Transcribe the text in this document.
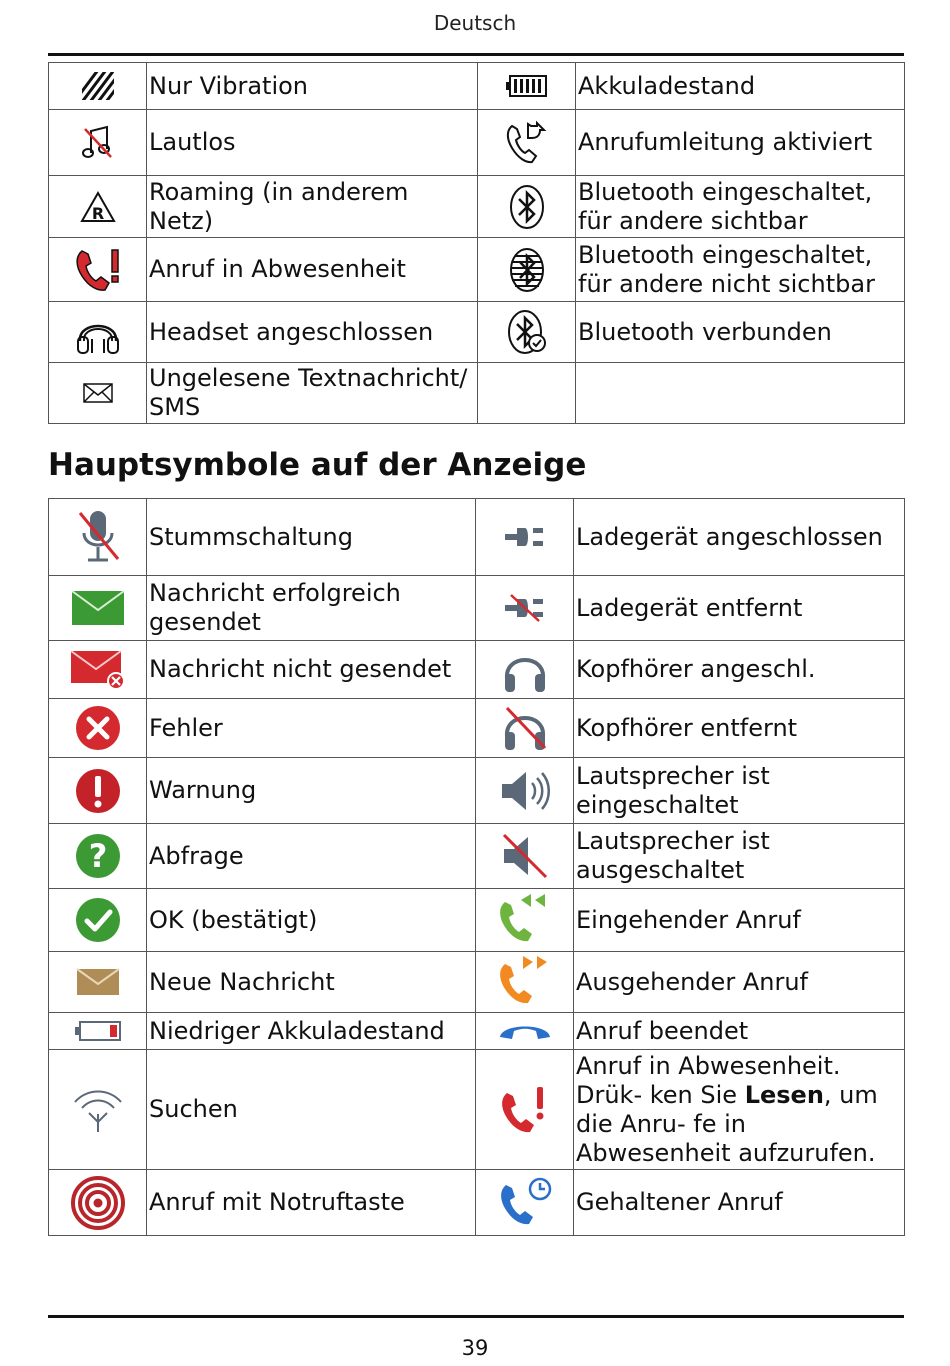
Deutsch
	Nur Vibration		Akkuladestand
	Lautlos		Anrufumleitung aktiviert

R	Roaming (in anderem Netz)		Bluetooth eingeschaltet, für andere sichtbar
	Anruf in Abwesenheit		Bluetooth eingeschaltet, für andere nicht sichtbar
	Headset angeschlossen		Bluetooth verbunden
	Ungelesene Textnachricht/ SMS		
Hauptsymbole auf der Anzeige
	Stummschaltung		Ladegerät angeschlossen
	Nachricht erfolgreich gesendet		Ladegerät entfernt
	Nachricht nicht gesendet		Kopfhörer angeschl.
	Fehler		Kopfhörer entfernt
	Warnung		Lautsprecher ist eingeschaltet

?	Abfrage		Lautsprecher ist ausgeschaltet
	OK (bestätigt)		Eingehender Anruf
	Neue Nachricht		Ausgehender Anruf
	Niedriger Akkuladestand		Anruf beendet
	Suchen		Anruf in Abwesenheit. Drük- ken Sie Lesen, um die Anru- fe in Abwesenheit aufzurufen.
	Anruf mit Notruftaste		Gehaltener Anruf
39
